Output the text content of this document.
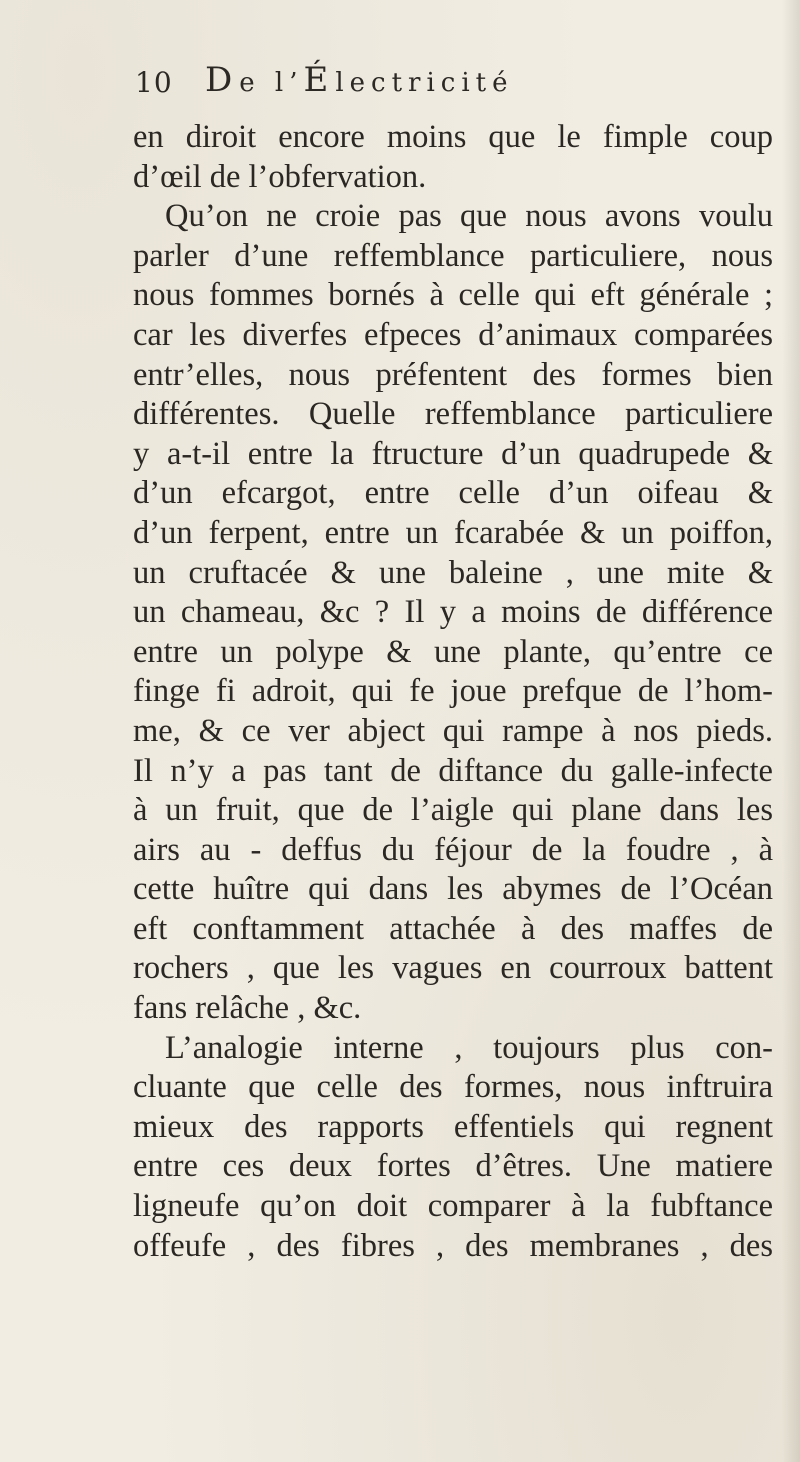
10 De l’Électricité
en diroit encore moins que le fimple coup
d’œil de l’obfervation.
Qu’on ne croie pas que nous avons voulu
parler d’une reffemblance particuliere, nous
nous fommes bornés à celle qui eft générale ;
car les diverfes efpeces d’animaux comparées
entr’elles, nous préfentent des formes bien
différentes. Quelle reffemblance particuliere
y a-t-il entre la ftructure d’un quadrupede &
d’un efcargot, entre celle d’un oifeau &
d’un ferpent, entre un fcarabée & un poiffon,
un cruftacée & une baleine , une mite &
un chameau, &c ? Il y a moins de différence
entre un polype & une plante, qu’entre ce
finge fi adroit, qui fe joue prefque de l’hom-
me, & ce ver abject qui rampe à nos pieds.
Il n’y a pas tant de diftance du galle-infecte
à un fruit, que de l’aigle qui plane dans les
airs au - deffus du féjour de la foudre , à
cette huître qui dans les abymes de l’Océan
eft conftamment attachée à des maffes de
rochers , que les vagues en courroux battent
fans relâche , &c.
L’analogie interne , toujours plus con-
cluante que celle des formes, nous inftruira
mieux des rapports effentiels qui regnent
entre ces deux fortes d’êtres. Une matiere
ligneufe qu’on doit comparer à la fubftance
offeufe , des fibres , des membranes , des
